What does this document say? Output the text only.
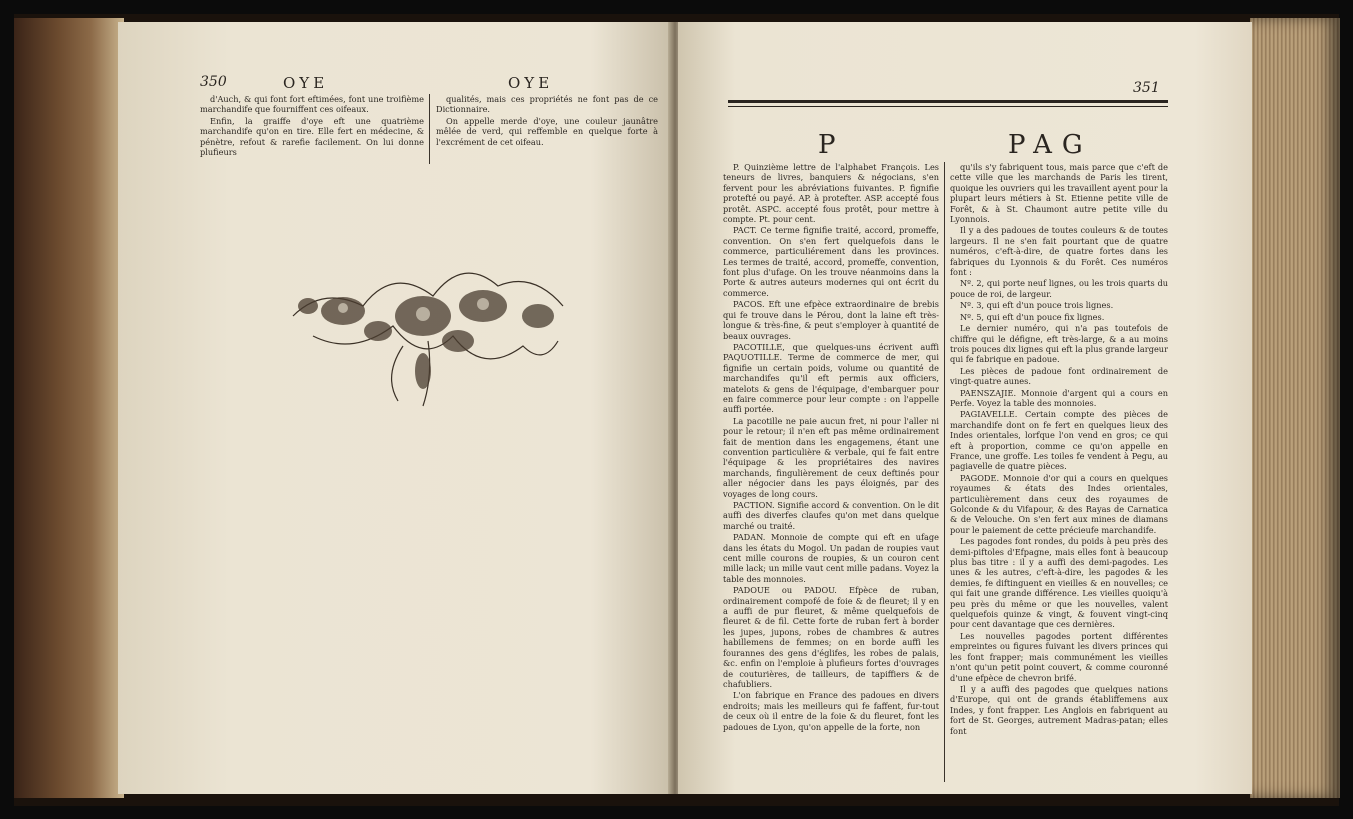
350	OYE	OYE

d'Auch, & qui font fort eftimées, font une troifième marchandife que fourniffent ces oifeaux.

Enfin, la graiffe d'oye eft une quatrième marchandife qu'on en tire. Elle fert en médecine, & pénètre, refout & rarefie facilement. On lui donne plufieurs

qualités, mais ces propriétés ne font pas de ce Dictionnaire.

On appelle merde d'oye, une couleur jaunâtre mêlée de verd, qui reffemble en quelque forte à l'excrément de cet oifeau.

351
P	PAG

P. Quinzième lettre de l'alphabet François. Les teneurs de livres, banquiers & négocians, s'en fervent pour les abréviations fuivantes. P. fignifie protefté ou payé. AP. à protefter. ASP. accepté fous protêt. ASPC. accepté fous protêt, pour mettre à compte. Pt. pour cent.

PACT. Ce terme fignifie traité, accord, promeffe, convention. On s'en fert quelquefois dans le commerce, particuliérement dans les provinces. Les termes de traité, accord, promeffe, convention, font plus d'ufage. On les trouve néanmoins dans la Porte & autres auteurs modernes qui ont écrit du commerce.

PACOS. Eft une efpèce extraordinaire de brebis qui fe trouve dans le Pérou, dont la laine eft très-longue & très-fine, & peut s'employer à quantité de beaux ouvrages.

PACOTILLE, que quelques-uns écrivent auffi PAQUOTILLE. Terme de commerce de mer, qui fignifie un certain poids, volume ou quantité de marchandifes qu'il eft permis aux officiers, matelots & gens de l'équipage, d'embarquer pour en faire commerce pour leur compte : on l'appelle auffi portée.

La pacotille ne paie aucun fret, ni pour l'aller ni pour le retour; il n'en eft pas même ordinairement fait de mention dans les engagemens, étant une convention particulière & verbale, qui fe fait entre l'équipage & les propriétaires des navires marchands, fingulièrement de ceux deftinés pour aller négocier dans les pays éloignés, par des voyages de long cours.

PACTION. Signifie accord & convention. On le dit auffi des diverfes claufes qu'on met dans quelque marché ou traité.

PADAN. Monnoie de compte qui eft en ufage dans les états du Mogol. Un padan de roupies vaut cent mille courons de roupies, & un couron cent mille lack; un mille vaut cent mille padans. Voyez la table des monnoies.

PADOUE ou PADOU. Efpèce de ruban, ordinairement compofé de foie & de fleuret; il y en a auffi de pur fleuret, & même quelquefois de fleuret & de fil. Cette forte de ruban fert à border les jupes, jupons, robes de chambres & autres habillemens de femmes; on en borde auffi les fourannes des gens d'églifes, les robes de palais, &c. enfin on l'emploie à plufieurs fortes d'ouvrages de couturières, de tailleurs, de tapiffiers & de chafubliers.

L'on fabrique en France des padoues en divers endroits; mais les meilleurs qui fe faffent, fur-tout de ceux où il entre de la foie & du fleuret, font les padoues de Lyon, qu'on appelle de la forte, non

qu'ils s'y fabriquent tous, mais parce que c'eft de cette ville que les marchands de Paris les tirent, quoique les ouvriers qui les travaillent ayent pour la plupart leurs métiers à St. Etienne petite ville de Forêt, & à St. Chaumont autre petite ville du Lyonnois.

Il y a des padoues de toutes couleurs & de toutes largeurs. Il ne s'en fait pourtant que de quatre numéros, c'eft-à-dire, de quatre fortes dans les fabriques du Lyonnois & du Forêt. Ces numéros font :

Nº. 2, qui porte neuf lignes, ou les trois quarts du pouce de roi, de largeur.

Nº. 3, qui eft d'un pouce trois lignes.

Nº. 5, qui eft d'un pouce fix lignes.

Le dernier numéro, qui n'a pas toutefois de chiffre qui le défigne, eft très-large, & a au moins trois pouces dix lignes qui eft la plus grande largeur qui fe fabrique en padoue.

Les pièces de padoue font ordinairement de vingt-quatre aunes.

PAENSZAJIE. Monnoie d'argent qui a cours en Perfe. Voyez la table des monnoies.

PAGIAVELLE. Certain compte des pièces de marchandife dont on fe fert en quelques lieux des Indes orientales, lorfque l'on vend en gros; ce qui eft à proportion, comme ce qu'on appelle en France, une groffe. Les toiles fe vendent à Pegu, au pagiavelle de quatre pièces.

PAGODE. Monnoie d'or qui a cours en quelques royaumes & états des Indes orientales, particulièrement dans ceux des royaumes de Golconde & du Vifapour, & des Rayas de Carnatica & de Velouche. On s'en fert aux mines de diamans pour le paiement de cette précieufe marchandife.

Les pagodes font rondes, du poids à peu près des demi-piftoles d'Efpagne, mais elles font à beaucoup plus bas titre : il y a auffi des demi-pagodes. Les unes & les autres, c'eft-à-dire, les pagodes & les demies, fe diftinguent en vieilles & en nouvelles; ce qui fait une grande différence. Les vieilles quoiqu'à peu près du même or que les nouvelles, valent quelquefois quinze & vingt, & fouvent vingt-cinq pour cent davantage que ces dernières.

Les nouvelles pagodes portent différentes empreintes ou figures fuivant les divers princes qui les font frapper; mais communément les vieilles n'ont qu'un petit point couvert, & comme couronné d'une efpèce de chevron brifé.

Il y a auffi des pagodes que quelques nations d'Europe, qui ont de grands établiffemens aux Indes, y font frapper. Les Anglois en fabriquent au fort de St. Georges, autrement Madras-patan; elles font
